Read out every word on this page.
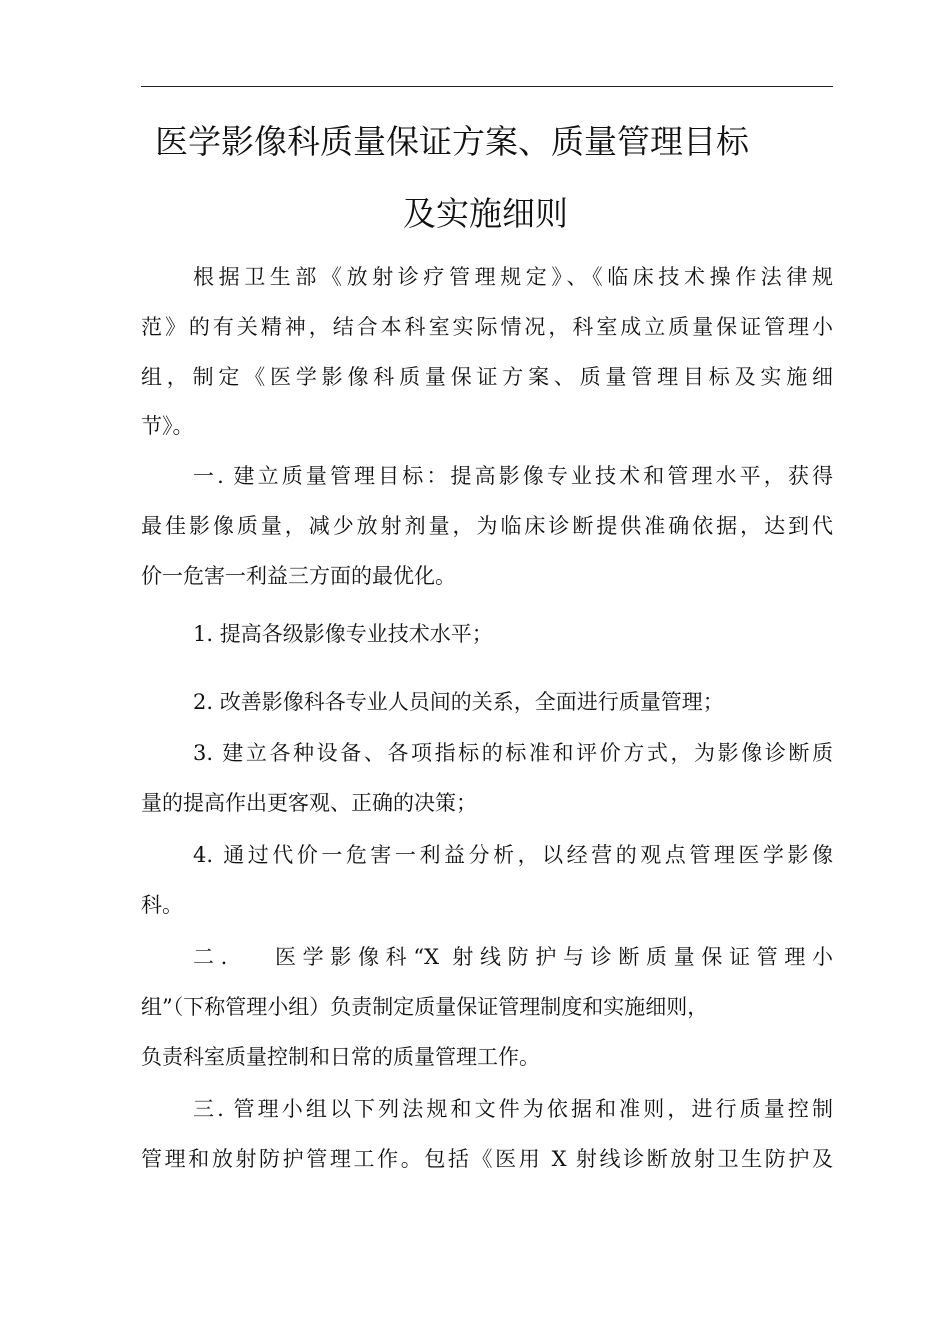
医学影像科质量保证方案、质量管理目标
及实施细则

根据卫生部《放射诊疗管理规定》、《临床技术操作法律规

范》的有关精神，结合本科室实际情况，科室成立质量保证管理小

组，制定《医学影像科质量保证方案、质量管理目标及实施细

节》。

一. 建立质量管理目标：提高影像专业技术和管理水平，获得

最佳影像质量，减少放射剂量，为临床诊断提供准确依据，达到代

价一危害一利益三方面的最优化。

1. 提高各级影像专业技术水平；

2. 改善影像科各专业人员间的关系，全面进行质量管理；

3. 建立各种设备、各项指标的标准和评价方式，为影像诊断质

量的提高作出更客观、正确的决策；

4. 通过代价一危害一利益分析，以经营的观点管理医学影像

科。

二.　 医学影像科“X 射线防护与诊断质量保证管理小

组”（下称管理小组）负责制定质量保证管理制度和实施细则，

负责科室质量控制和日常的质量管理工作。

三. 管理小组以下列法规和文件为依据和准则，进行质量控制

管理和放射防护管理工作。包括《医用 X 射线诊断放射卫生防护及
